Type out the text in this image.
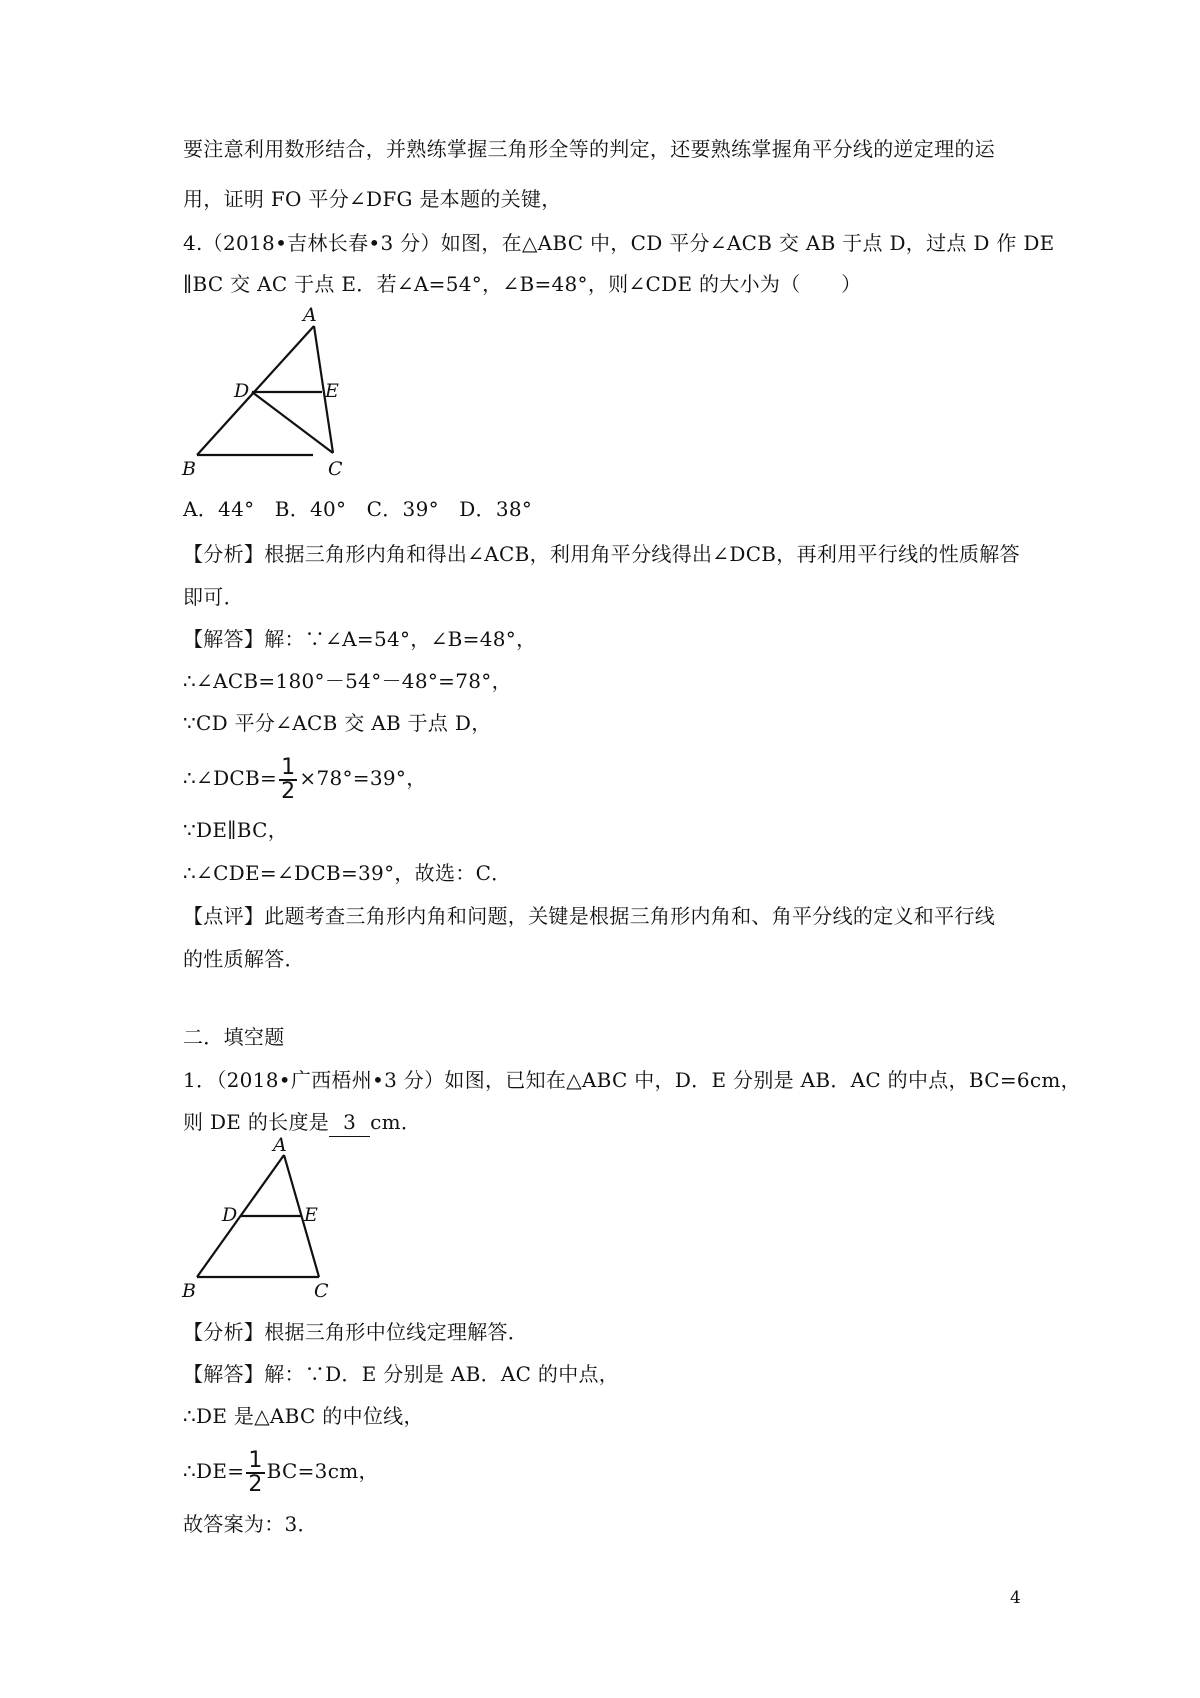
要注意利用数形结合，并熟练掌握三角形全等的判定，还要熟练掌握角平分线的逆定理的运

用，证明 FO 平分∠DFG 是本题的关键，

4.（2018•吉林长春•3 分）如图，在△ABC 中，CD 平分∠ACB 交 AB 于点 D，过点 D 作 DE

∥BC 交 AC 于点 E．若∠A=54°，∠B=48°，则∠CDE 的大小为（　　）

A
D	E
B	C

A．44°　B．40°　C．39°　D．38°

【分析】根据三角形内角和得出∠ACB，利用角平分线得出∠DCB，再利用平行线的性质解答

即可．

【解答】解：∵∠A=54°，∠B=48°，

∴∠ACB=180°－54°－48°=78°，

∵CD 平分∠ACB 交 AB 于点 D，

∴∠DCB= $\frac{1}{2} \times 78^\circ=39^\circ$，

∵DE∥BC，

∴∠CDE=∠DCB=39°，故选：C．

【点评】此题考查三角形内角和问题，关键是根据三角形内角和、角平分线的定义和平行线

的性质解答．

二．填空题

1．（2018•广西梧州•3 分）如图，已知在△ABC 中，D．E 分别是 AB．AC 的中点，BC=6cm，

则 DE 的长度是 3 cm．

A
D	E
B	C

【分析】根据三角形中位线定理解答．

【解答】解：∵D．E 分别是 AB．AC 的中点，

∴DE 是△ABC 的中位线，

∴DE= $\frac{1}{2} BC=3cm$，

故答案为：3．

4
